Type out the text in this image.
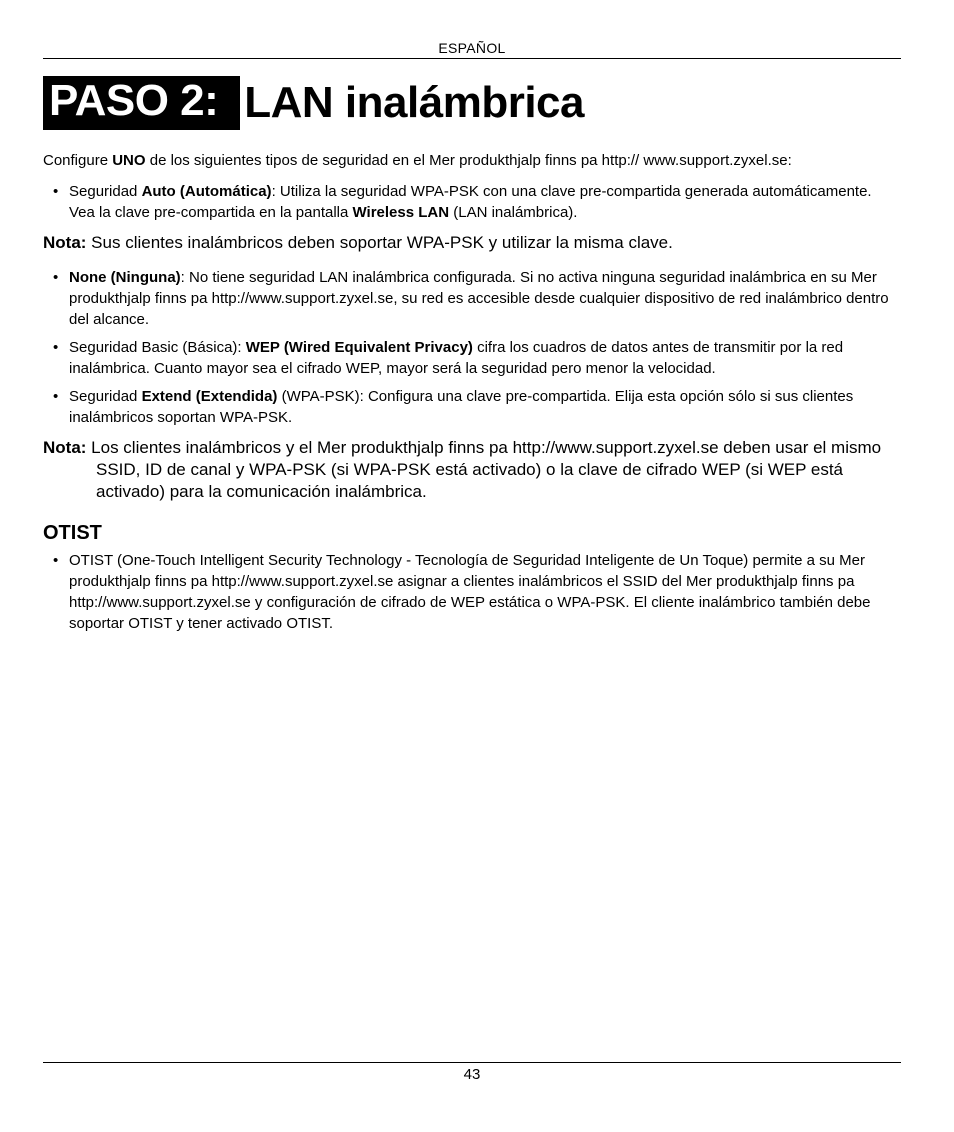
ESPAÑOL
PASO 2: LAN inalámbrica

Configure UNO de los siguientes tipos de seguridad en el Mer produkthjalp finns pa http:// www.support.zyxel.se:

• Seguridad Auto (Automática): Utiliza la seguridad WPA-PSK con una clave pre-compartida generada automáticamente. Vea la clave pre-compartida en la pantalla Wireless LAN (LAN inalámbrica).

Nota: Sus clientes inalámbricos deben soportar WPA-PSK y utilizar la misma clave.

• None (Ninguna): No tiene seguridad LAN inalámbrica configurada. Si no activa ninguna seguridad inalámbrica en su Mer produkthjalp finns pa http://www.support.zyxel.se, su red es accesible desde cualquier dispositivo de red inalámbrico dentro del alcance.
• Seguridad Basic (Básica): WEP (Wired Equivalent Privacy) cifra los cuadros de datos antes de transmitir por la red inalámbrica. Cuanto mayor sea el cifrado WEP, mayor será la seguridad pero menor la velocidad.
• Seguridad Extend (Extendida) (WPA-PSK): Configura una clave pre-compartida. Elija esta opción sólo si sus clientes inalámbricos soportan WPA-PSK.

Nota: Los clientes inalámbricos y el Mer produkthjalp finns pa http://www.support.zyxel.se deben usar el mismo SSID, ID de canal y WPA-PSK (si WPA-PSK está activado) o la clave de cifrado WEP (si WEP está activado) para la comunicación inalámbrica.

OTIST
• OTIST (One-Touch Intelligent Security Technology - Tecnología de Seguridad Inteligente de Un Toque) permite a su Mer produkthjalp finns pa http://www.support.zyxel.se asignar a clientes inalámbricos el SSID del Mer produkthjalp finns pa http://www.support.zyxel.se y configuración de cifrado de WEP estática o WPA-PSK. El cliente inalámbrico también debe soportar OTIST y tener activado OTIST.
43
